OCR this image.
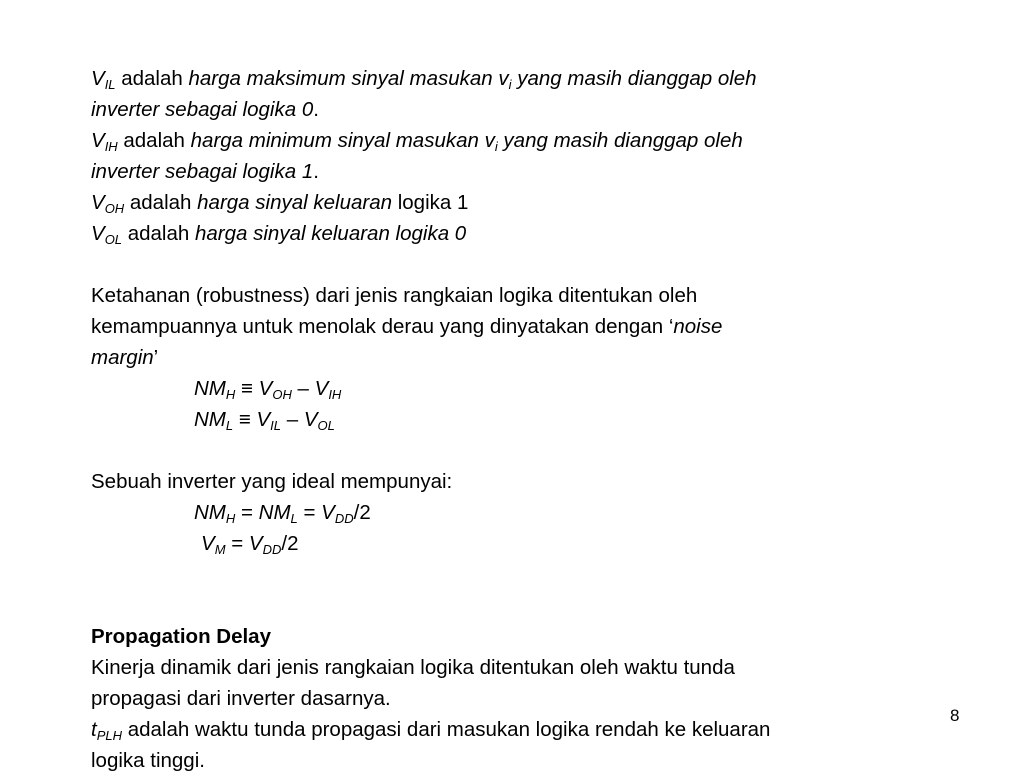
$V_{IL}$ adalah harga maksimum sinyal masukan $v_i$ yang masih dianggap oleh
inverter sebagai logika 0.
$V_{IH}$ adalah harga minimum sinyal masukan $v_i$ yang masih dianggap oleh
inverter sebagai logika 1.
$V_{OH}$ adalah harga sinyal keluaran logika 1
$V_{OL}$ adalah harga sinyal keluaran logika 0
Ketahanan (robustness) dari jenis rangkaian logika ditentukan oleh
kemampuannya untuk menolak derau yang dinyatakan dengan ‘noise
margin’
$NM_H \equiv V_{OH} - V_{IH}$
$NM_L \equiv V_{IL} - V_{OL}$
Sebuah inverter yang ideal mempunyai:
$NM_H = NM_L = V_{DD}/2$
$V_M = V_{DD}/2$
Propagation Delay
Kinerja dinamik dari jenis rangkaian logika ditentukan oleh waktu tunda
propagasi dari inverter dasarnya.
$t_{PLH}$ adalah waktu tunda propagasi dari masukan logika rendah ke keluaran
logika tinggi.
8
